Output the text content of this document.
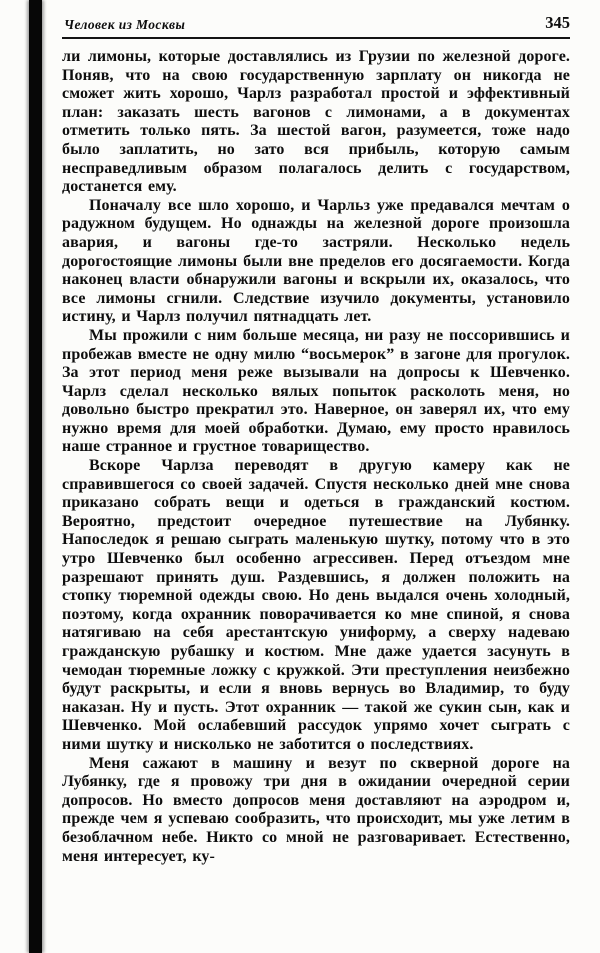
Человек из Москвы	345

ли лимоны, которые доставлялись из Грузии по железной дороге. Поняв, что на свою государственную зарплату он никогда не сможет жить хорошо, Чарлз разработал простой и эффективный план: заказать шесть вагонов с лимонами, а в документах отметить только пять. За шестой вагон, разумеется, тоже надо было заплатить, но зато вся прибыль, которую самым несправедливым образом полагалось делить с государством, достанется ему.

Поначалу все шло хорошо, и Чарльз уже предавался мечтам о радужном будущем. Но однажды на железной дороге произошла авария, и вагоны где-то застряли. Несколько недель дорогостоящие лимоны были вне пределов его досягаемости. Когда наконец власти обнаружили вагоны и вскрыли их, оказалось, что все лимоны сгнили. Следствие изучило документы, установило истину, и Чарлз получил пятнадцать лет.

Мы прожили с ним больше месяца, ни разу не поссорившись и пробежав вместе не одну милю “восьмерок” в загоне для прогулок. За этот период меня реже вызывали на допросы к Шевченко. Чарлз сделал несколько вялых попыток расколоть меня, но довольно быстро прекратил это. Наверное, он заверял их, что ему нужно время для моей обработки. Думаю, ему просто нравилось наше странное и грустное товарищество.

Вскоре Чарлза переводят в другую камеру как не справившегося со своей задачей. Спустя несколько дней мне снова приказано собрать вещи и одеться в гражданский костюм. Вероятно, предстоит очередное путешествие на Лубянку. Напоследок я решаю сыграть маленькую шутку, потому что в это утро Шевченко был особенно агрессивен. Перед отъездом мне разрешают принять душ. Раздевшись, я должен положить на стопку тюремной одежды свою. Но день выдался очень холодный, поэтому, когда охранник поворачивается ко мне спиной, я снова натягиваю на себя арестантскую униформу, а сверху надеваю гражданскую рубашку и костюм. Мне даже удается засунуть в чемодан тюремные ложку с кружкой. Эти преступления неизбежно будут раскрыты, и если я вновь вернусь во Владимир, то буду наказан. Ну и пусть. Этот охранник — такой же сукин сын, как и Шевченко. Мой ослабевший рассудок упрямо хочет сыграть с ними шутку и нисколько не заботится о последствиях.

Меня сажают в машину и везут по скверной дороге на Лубянку, где я провожу три дня в ожидании очередной серии допросов. Но вместо допросов меня доставляют на аэродром и, прежде чем я успеваю сообразить, что происходит, мы уже летим в безоблачном небе. Никто со мной не разговаривает. Естественно, меня интересует, ку-
